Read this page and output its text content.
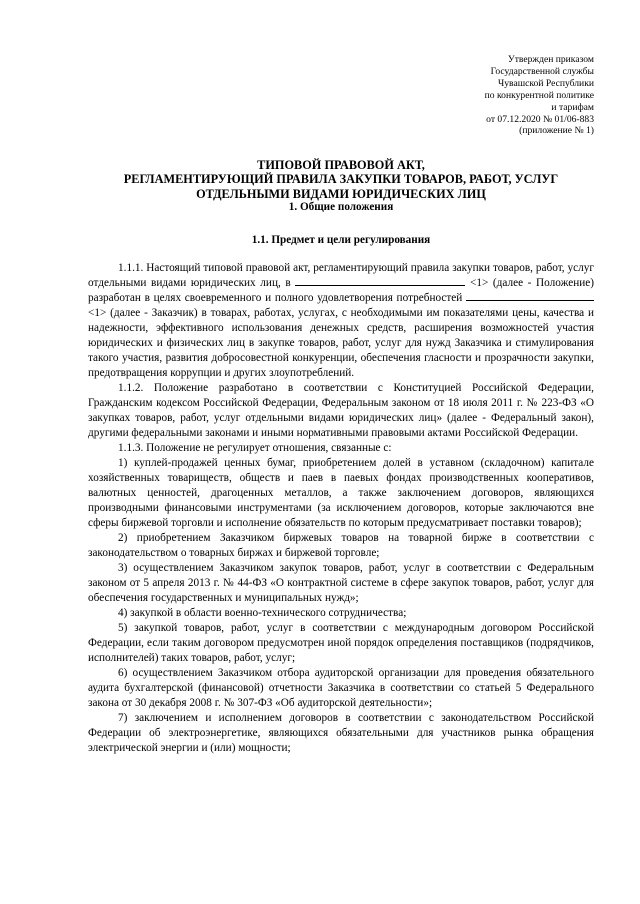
Утвержден приказом
Государственной службы
Чувашской Республики
по конкурентной политике
и тарифам
от 07.12.2020 № 01/06-883
(приложение № 1)
ТИПОВОЙ ПРАВОВОЙ АКТ,
РЕГЛАМЕНТИРУЮЩИЙ ПРАВИЛА ЗАКУПКИ ТОВАРОВ, РАБОТ, УСЛУГ
ОТДЕЛЬНЫМИ ВИДАМИ ЮРИДИЧЕСКИХ ЛИЦ
1. Общие положения
1.1. Предмет и цели регулирования

1.1.1. Настоящий типовой правовой акт, регламентирующий правила закупки товаров, работ, услуг отдельными видами юридических лиц, в	<1> (далее - Положение) разработан в целях своевременного и полного удовлетворения потребностей  <1> (далее - Заказчик) в товарах, работах, услугах, с необходимыми им показателями цены, качества и надежности, эффективного использования денежных средств, расширения возможностей участия юридических и физических лиц в закупке товаров, работ, услуг для нужд Заказчика и стимулирования такого участия, развития добросовестной конкуренции, обеспечения гласности и прозрачности закупки, предотвращения коррупции и других злоупотреблений.

1.1.2. Положение разработано в соответствии с Конституцией Российской Федерации, Гражданским кодексом Российской Федерации, Федеральным законом от 18 июля 2011 г. № 223-ФЗ «О закупках товаров, работ, услуг отдельными видами юридических лиц» (далее - Федеральный закон), другими федеральными законами и иными нормативными правовыми актами Российской Федерации.

1.1.3. Положение не регулирует отношения, связанные с:

1) куплей-продажей ценных бумаг, приобретением долей в уставном (складочном) капитале хозяйственных товариществ, обществ и паев в паевых фондах производственных кооперативов, валютных ценностей, драгоценных металлов, а также заключением договоров, являющихся производными финансовыми инструментами (за исключением договоров, которые заключаются вне сферы биржевой торговли и исполнение обязательств по которым предусматривает поставки товаров);

2) приобретением Заказчиком биржевых товаров на товарной бирже в соответствии с законодательством о товарных биржах и биржевой торговле;

3) осуществлением Заказчиком закупок товаров, работ, услуг в соответствии с Федеральным законом от 5 апреля 2013 г. № 44-ФЗ «О контрактной системе в сфере закупок товаров, работ, услуг для обеспечения государственных и муниципальных нужд»;

4) закупкой в области военно-технического сотрудничества;

5) закупкой товаров, работ, услуг в соответствии с международным договором Российской Федерации, если таким договором предусмотрен иной порядок определения поставщиков (подрядчиков, исполнителей) таких товаров, работ, услуг;

6) осуществлением Заказчиком отбора аудиторской организации для проведения обязательного аудита бухгалтерской (финансовой) отчетности Заказчика в соответствии со статьей 5 Федерального закона от 30 декабря 2008 г. № 307-ФЗ «Об аудиторской деятельности»;

7) заключением и исполнением договоров в соответствии с законодательством Российской Федерации об электроэнергетике, являющихся обязательными для участников рынка обращения электрической энергии и (или) мощности;
